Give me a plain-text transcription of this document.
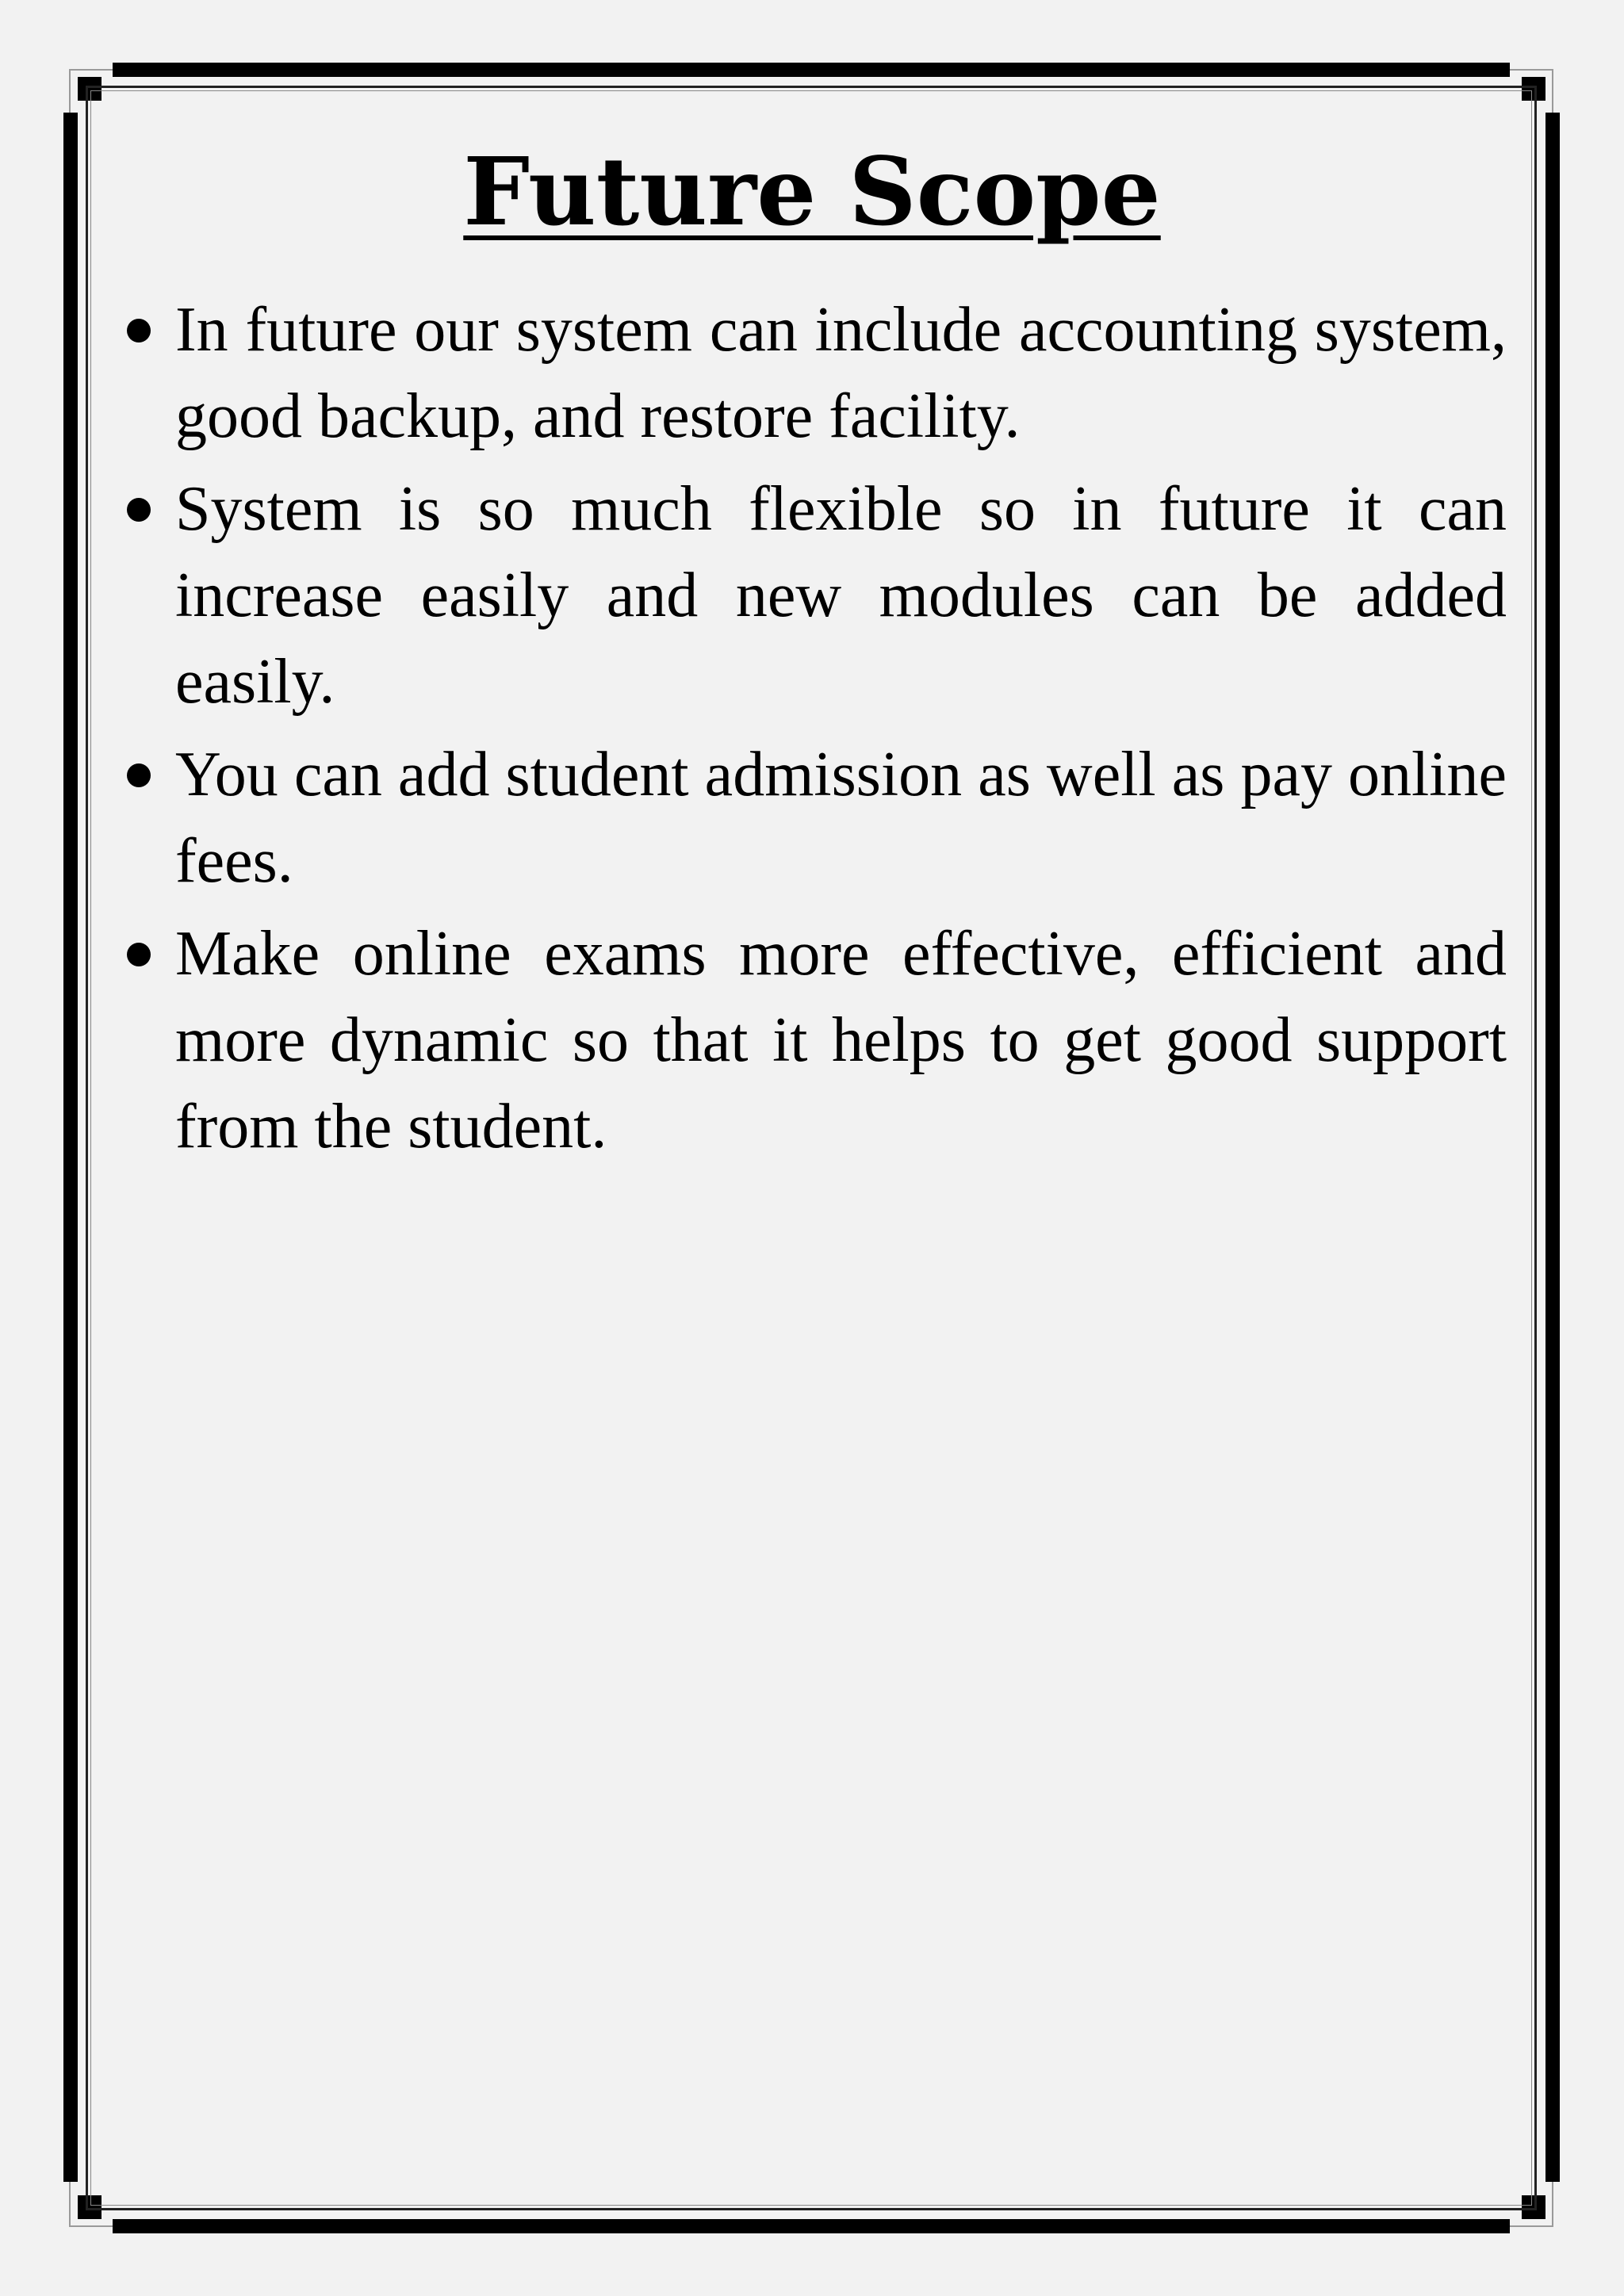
Future Scope
In future our system can include accounting system, good backup, and restore facility.
System is so much flexible so in future it can increase easily and new modules can be added easily.
You can add student admission as well as pay online fees.
Make online exams more effective, efficient and more dynamic so that it helps to get good support from the student.
